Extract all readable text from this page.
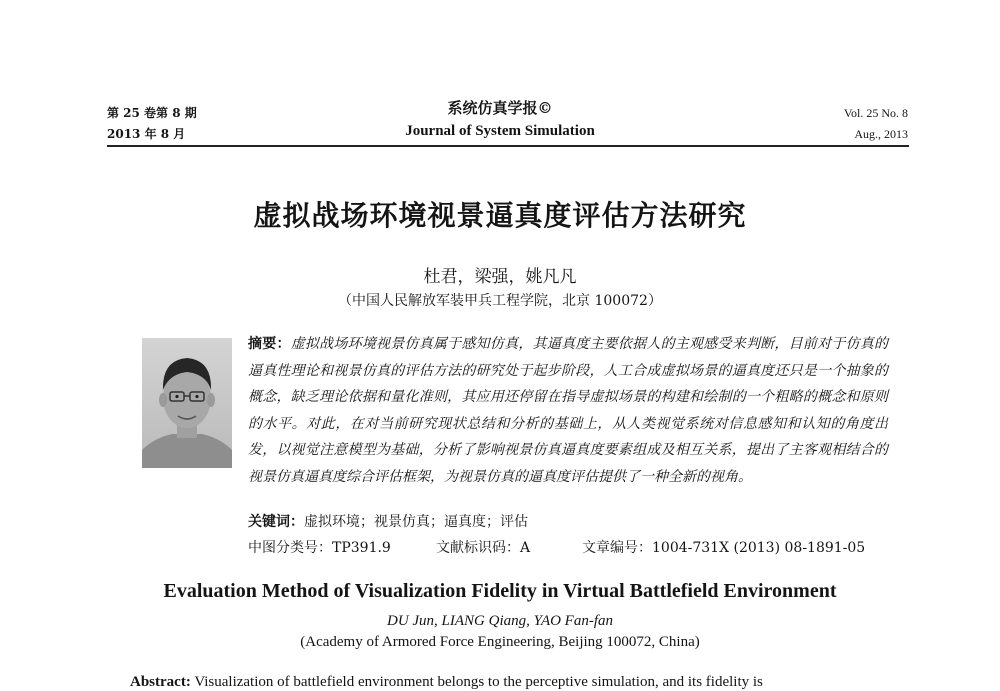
第 25 卷第 8 期
2013 年 8 月
系统仿真学报©
Journal of System Simulation
Vol. 25 No. 8
Aug., 2013
虚拟战场环境视景逼真度评估方法研究
杜君，梁强，姚凡凡
（中国人民解放军装甲兵工程学院，北京 100072）
摘要：虚拟战场环境视景仿真属于感知仿真，其逼真度主要依据人的主观感受来判断，目前对于仿真的逼真性理论和视景仿真的评估方法的研究处于起步阶段，人工合成虚拟场景的逼真度还只是一个抽象的概念，缺乏理论依据和量化准则，其应用还停留在指导虚拟场景的构建和绘制的一个粗略的概念和原则的水平。对此，在对当前研究现状总结和分析的基础上，从人类视觉系统对信息感知和认知的角度出发，以视觉注意模型为基础，分析了影响视景仿真逼真度要素组成及相互关系，提出了主客观相结合的视景仿真逼真度综合评估框架，为视景仿真的逼真度评估提供了一种全新的视角。
关键词：虚拟环境；视景仿真；逼真度；评估
中图分类号：TP391.9	文献标识码：A	文章编号：1004-731X (2013) 08-1891-05
Evaluation Method of Visualization Fidelity in Virtual Battlefield Environment
DU Jun, LIANG Qiang, YAO Fan-fan
(Academy of Armored Force Engineering, Beijing 100072, China)
Abstract: Visualization of battlefield environment belongs to the perceptive simulation, and its fidelity is
